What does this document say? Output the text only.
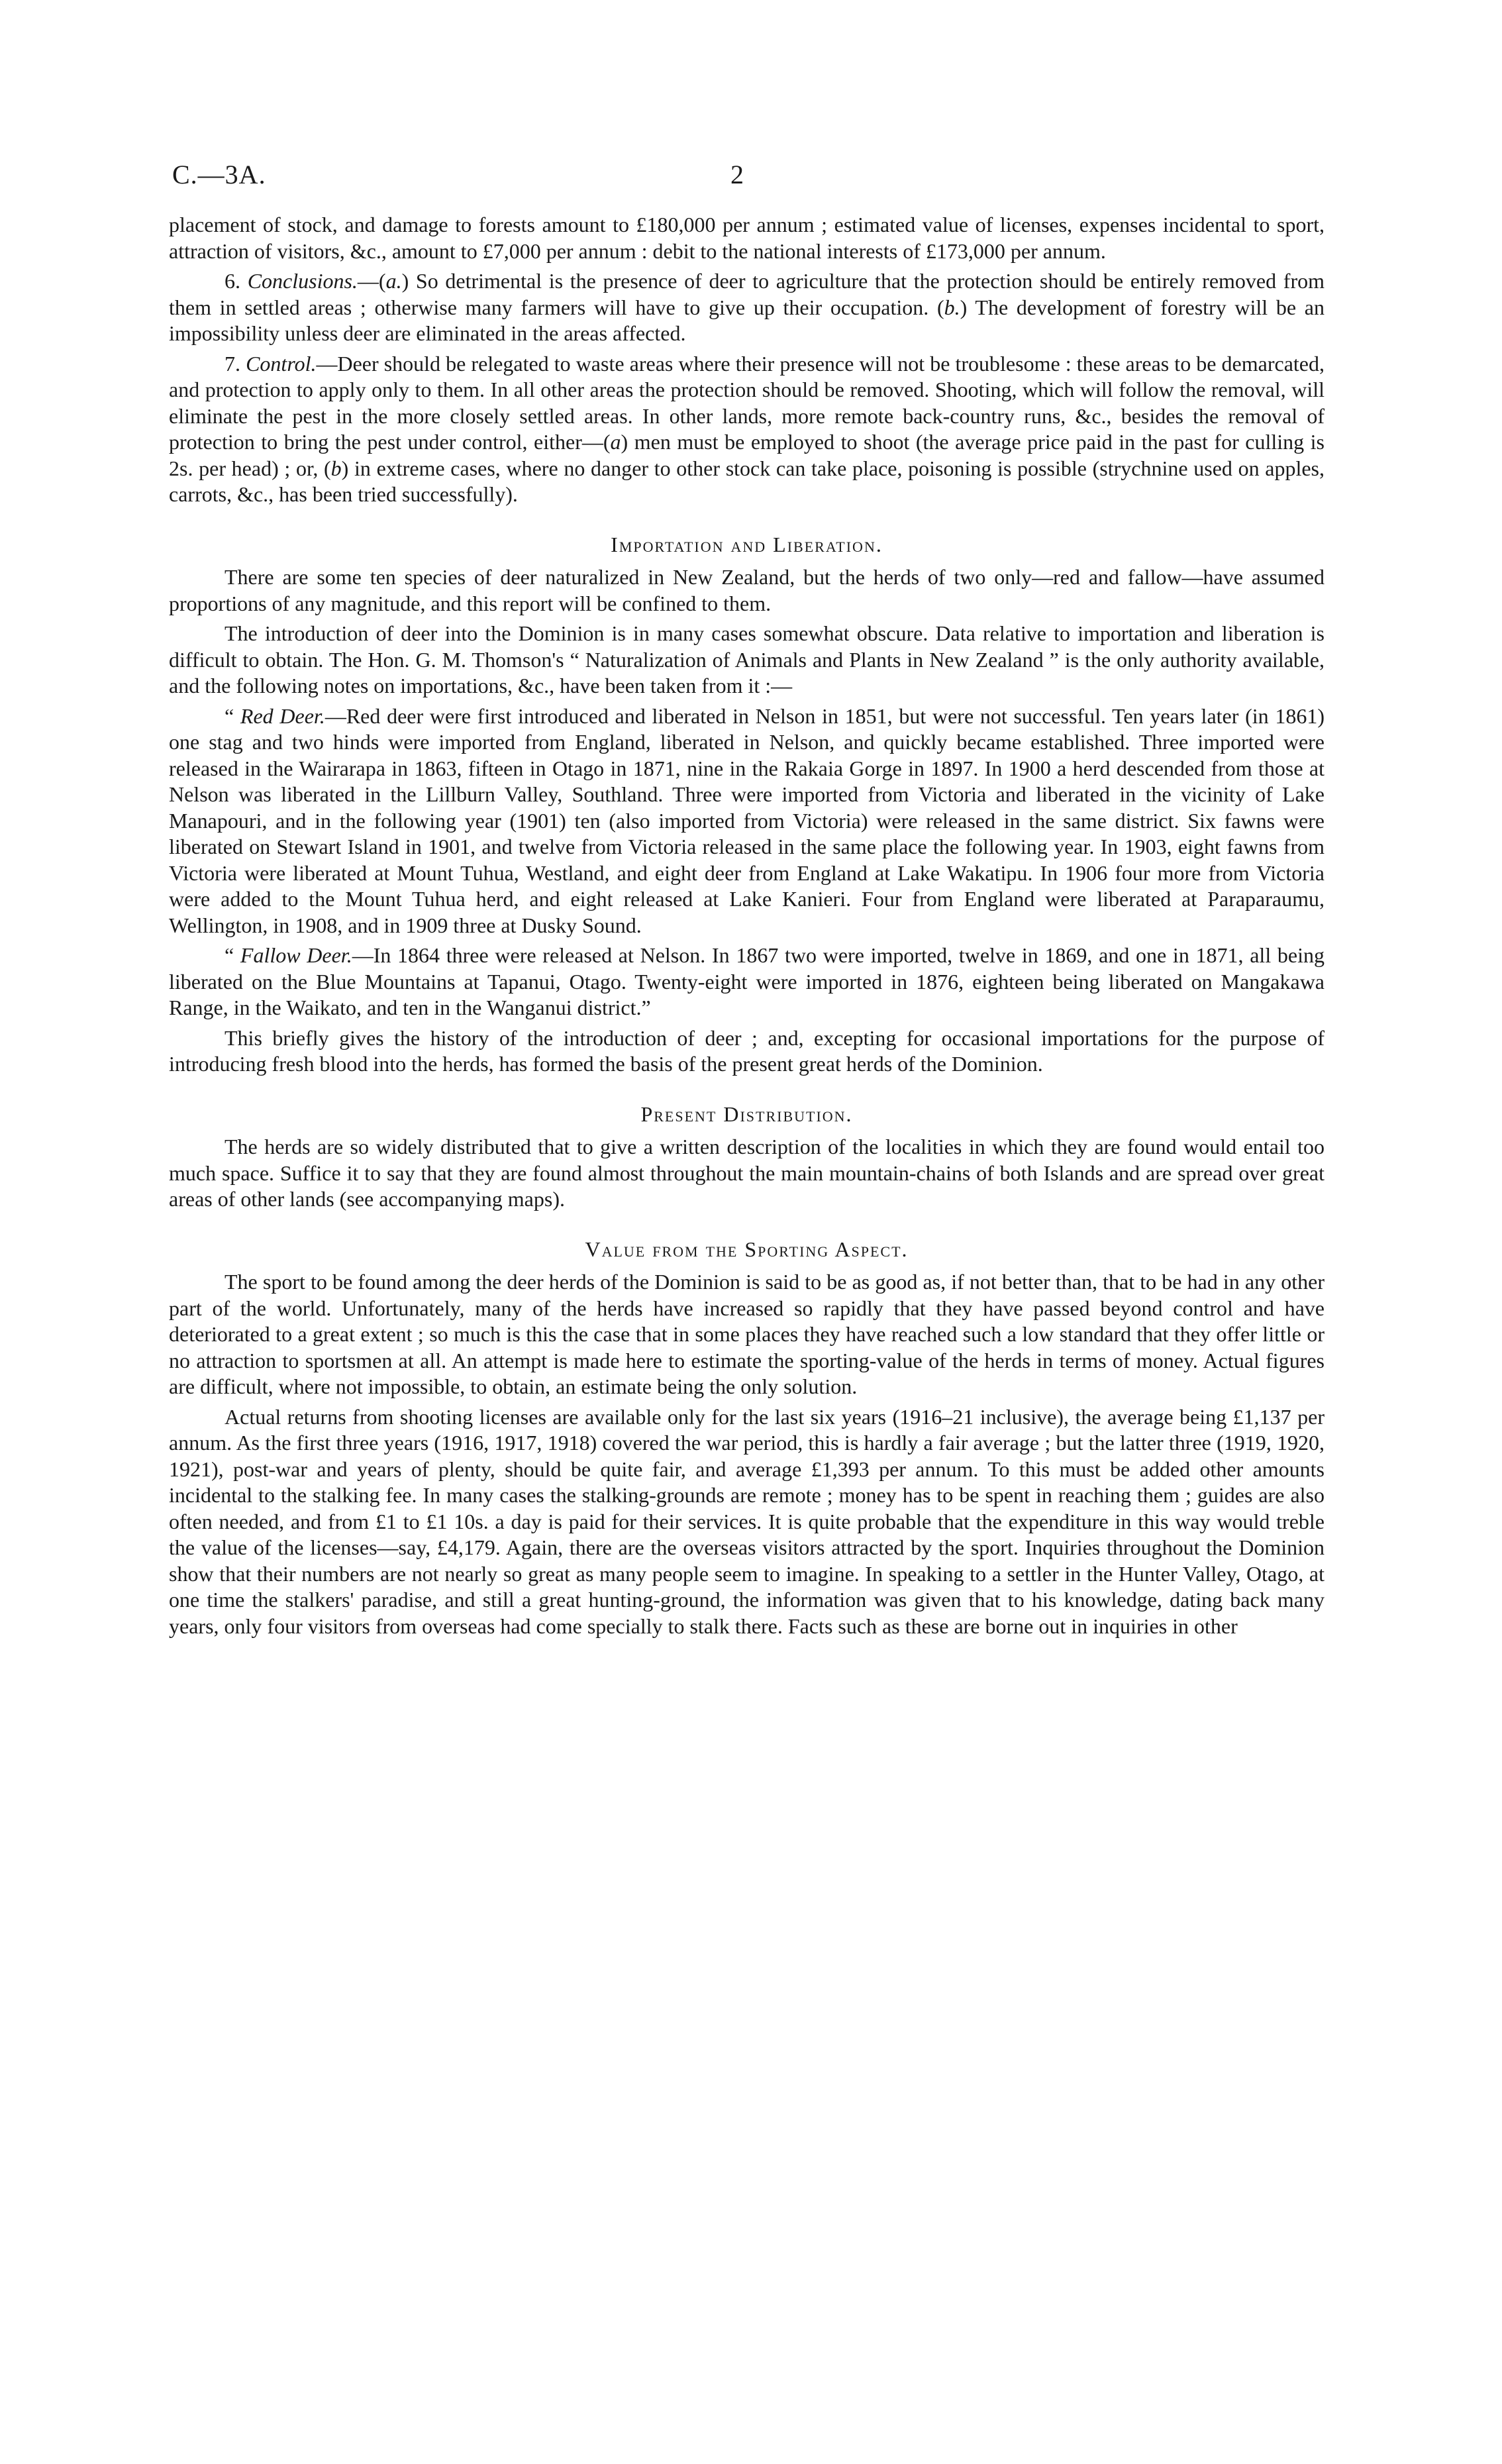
C.—3A.	2

placement of stock, and damage to forests amount to £180,000 per annum ; estimated value of licenses, expenses incidental to sport, attraction of visitors, &c., amount to £7,000 per annum : debit to the national interests of £173,000 per annum.

6. Conclusions.—(a.) So detrimental is the presence of deer to agriculture that the protection should be entirely removed from them in settled areas ; otherwise many farmers will have to give up their occupation. (b.) The development of forestry will be an impossibility unless deer are eliminated in the areas affected.

7. Control.—Deer should be relegated to waste areas where their presence will not be troublesome : these areas to be demarcated, and protection to apply only to them. In all other areas the protection should be removed. Shooting, which will follow the removal, will eliminate the pest in the more closely settled areas. In other lands, more remote back-country runs, &c., besides the removal of protection to bring the pest under control, either—(a) men must be employed to shoot (the average price paid in the past for culling is 2s. per head) ; or, (b) in extreme cases, where no danger to other stock can take place, poisoning is possible (strychnine used on apples, carrots, &c., has been tried successfully).

Importation and Liberation.

There are some ten species of deer naturalized in New Zealand, but the herds of two only—red and fallow—have assumed proportions of any magnitude, and this report will be confined to them.

The introduction of deer into the Dominion is in many cases somewhat obscure. Data relative to importation and liberation is difficult to obtain. The Hon. G. M. Thomson's “ Naturalization of Animals and Plants in New Zealand ” is the only authority available, and the following notes on importations, &c., have been taken from it :—

“ Red Deer.—Red deer were first introduced and liberated in Nelson in 1851, but were not successful. Ten years later (in 1861) one stag and two hinds were imported from England, liberated in Nelson, and quickly became established. Three imported were released in the Wairarapa in 1863, fifteen in Otago in 1871, nine in the Rakaia Gorge in 1897. In 1900 a herd descended from those at Nelson was liberated in the Lillburn Valley, Southland. Three were imported from Victoria and liberated in the vicinity of Lake Manapouri, and in the following year (1901) ten (also imported from Victoria) were released in the same district. Six fawns were liberated on Stewart Island in 1901, and twelve from Victoria released in the same place the following year. In 1903, eight fawns from Victoria were liberated at Mount Tuhua, Westland, and eight deer from England at Lake Wakatipu. In 1906 four more from Victoria were added to the Mount Tuhua herd, and eight released at Lake Kanieri. Four from England were liberated at Paraparaumu, Wellington, in 1908, and in 1909 three at Dusky Sound.

“ Fallow Deer.—In 1864 three were released at Nelson. In 1867 two were imported, twelve in 1869, and one in 1871, all being liberated on the Blue Mountains at Tapanui, Otago. Twenty-eight were imported in 1876, eighteen being liberated on Mangakawa Range, in the Waikato, and ten in the Wanganui district.”

This briefly gives the history of the introduction of deer ; and, excepting for occasional importations for the purpose of introducing fresh blood into the herds, has formed the basis of the present great herds of the Dominion.

Present Distribution.

The herds are so widely distributed that to give a written description of the localities in which they are found would entail too much space. Suffice it to say that they are found almost throughout the main mountain-chains of both Islands and are spread over great areas of other lands (see accompanying maps).

Value from the Sporting Aspect.

The sport to be found among the deer herds of the Dominion is said to be as good as, if not better than, that to be had in any other part of the world. Unfortunately, many of the herds have increased so rapidly that they have passed beyond control and have deteriorated to a great extent ; so much is this the case that in some places they have reached such a low standard that they offer little or no attraction to sportsmen at all. An attempt is made here to estimate the sporting-value of the herds in terms of money. Actual figures are difficult, where not impossible, to obtain, an estimate being the only solution.

Actual returns from shooting licenses are available only for the last six years (1916–21 inclusive), the average being £1,137 per annum. As the first three years (1916, 1917, 1918) covered the war period, this is hardly a fair average ; but the latter three (1919, 1920, 1921), post-war and years of plenty, should be quite fair, and average £1,393 per annum. To this must be added other amounts incidental to the stalking fee. In many cases the stalking-grounds are remote ; money has to be spent in reaching them ; guides are also often needed, and from £1 to £1 10s. a day is paid for their services. It is quite probable that the expenditure in this way would treble the value of the licenses—say, £4,179. Again, there are the overseas visitors attracted by the sport. Inquiries throughout the Dominion show that their numbers are not nearly so great as many people seem to imagine. In speaking to a settler in the Hunter Valley, Otago, at one time the stalkers' paradise, and still a great hunting-ground, the information was given that to his knowledge, dating back many years, only four visitors from overseas had come specially to stalk there. Facts such as these are borne out in inquiries in other
